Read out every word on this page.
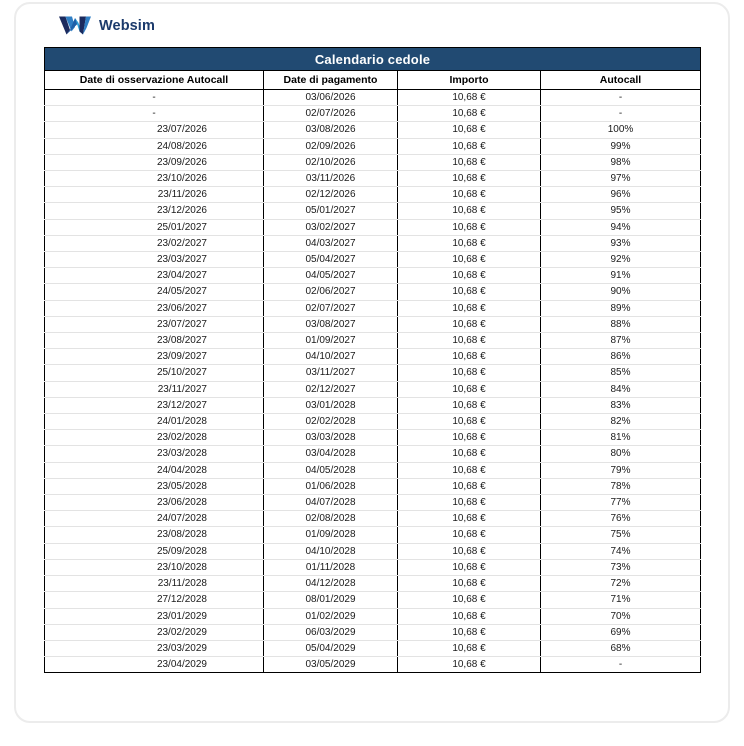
Websim
Calendario cedole			
Date di osservazione Autocall	Date di pagamento	Importo	Autocall
-	03/06/2026	10,68 €	-
-	02/07/2026	10,68 €	-
23/07/2026	03/08/2026	10,68 €	100%
24/08/2026	02/09/2026	10,68 €	99%
23/09/2026	02/10/2026	10,68 €	98%
23/10/2026	03/11/2026	10,68 €	97%
23/11/2026	02/12/2026	10,68 €	96%
23/12/2026	05/01/2027	10,68 €	95%
25/01/2027	03/02/2027	10,68 €	94%
23/02/2027	04/03/2027	10,68 €	93%
23/03/2027	05/04/2027	10,68 €	92%
23/04/2027	04/05/2027	10,68 €	91%
24/05/2027	02/06/2027	10,68 €	90%
23/06/2027	02/07/2027	10,68 €	89%
23/07/2027	03/08/2027	10,68 €	88%
23/08/2027	01/09/2027	10,68 €	87%
23/09/2027	04/10/2027	10,68 €	86%
25/10/2027	03/11/2027	10,68 €	85%
23/11/2027	02/12/2027	10,68 €	84%
23/12/2027	03/01/2028	10,68 €	83%
24/01/2028	02/02/2028	10,68 €	82%
23/02/2028	03/03/2028	10,68 €	81%
23/03/2028	03/04/2028	10,68 €	80%
24/04/2028	04/05/2028	10,68 €	79%
23/05/2028	01/06/2028	10,68 €	78%
23/06/2028	04/07/2028	10,68 €	77%
24/07/2028	02/08/2028	10,68 €	76%
23/08/2028	01/09/2028	10,68 €	75%
25/09/2028	04/10/2028	10,68 €	74%
23/10/2028	01/11/2028	10,68 €	73%
23/11/2028	04/12/2028	10,68 €	72%
27/12/2028	08/01/2029	10,68 €	71%
23/01/2029	01/02/2029	10,68 €	70%
23/02/2029	06/03/2029	10,68 €	69%
23/03/2029	05/04/2029	10,68 €	68%
23/04/2029	03/05/2029	10,68 €	-
